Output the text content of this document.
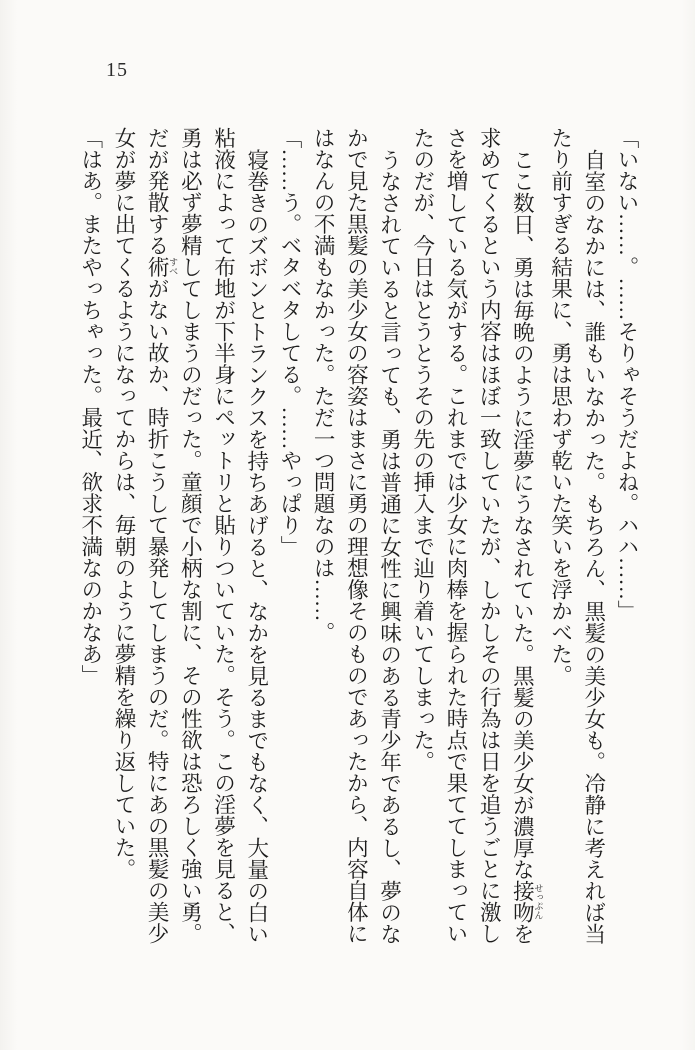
15

「いない……。……そりゃそうだよね。ハハ……」

自室のなかには、誰もいなかった。もちろん、黒髪の美少女も。冷静に考えれば当たり前すぎる結果に、勇は思わず乾いた笑いを浮かべた。

ここ数日、勇は毎晩のように淫夢にうなされていた。黒髪の美少女が濃厚な接吻 せっぷんを求めてくるという内容はほぼ一致していたが、しかしその行為は日を追うごとに激しさを増している気がする。これまでは少女に肉棒を握られた時点で果ててしまっていたのだが、今日はとうとうその先の挿入まで辿り着いてしまった。

うなされていると言っても、勇は普通に女性に興味のある青少年であるし、夢のなかで見た黒髪の美少女の容姿はまさに勇の理想像そのものであったから、内容自体にはなんの不満もなかった。ただ一つ問題なのは……。

「……う。ベタベタしてる。……やっぱり」

寝巻きのズボンとトランクスを持ちあげると、なかを見るまでもなく、大量の白い粘液によって布地が下半身にペットリと貼りついていた。そう。この淫夢を見ると、勇は必ず夢精してしまうのだった。童顔で小柄な割に、その性欲は恐ろしく強い勇。だが発散する術 すべがない故か、時折こうして暴発してしまうのだ。特にあの黒髪の美少女が夢に出てくるようになってからは、毎朝のように夢精を繰り返していた。

「はあ。またやっちゃった。最近、欲求不満なのかなあ」
